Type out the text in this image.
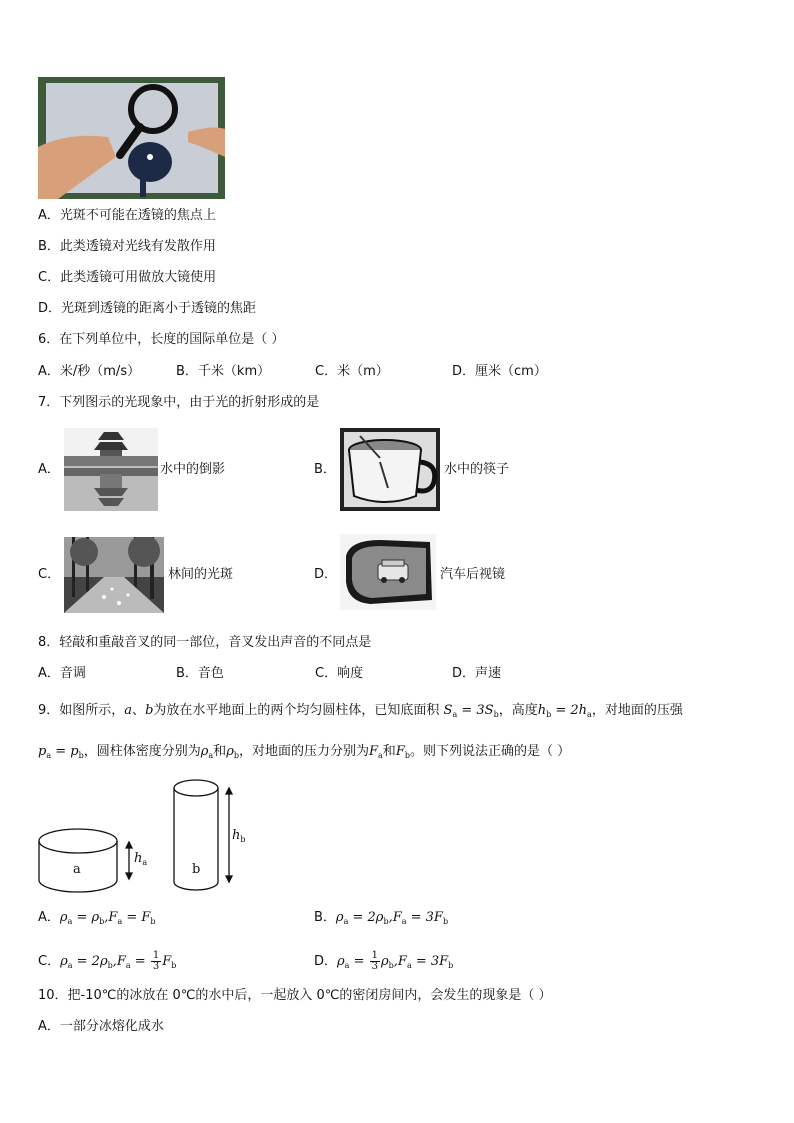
A．光斑不可能在透镜的焦点上
B．此类透镜对光线有发散作用
C．此类透镜可用做放大镜使用
D．光斑到透镜的距离小于透镜的焦距
6．在下列单位中，长度的国际单位是（ ）
A．米/秒（m/s）	B．千米（km）	C．米（m）	D．厘米（cm）
7．下列图示的光现象中，由于光的折射形成的是
A．	水中的倒影	B．	水中的筷子
C．	林间的光斑	D．	汽车后视镜
8．轻敲和重敲音叉的同一部位，音叉发出声音的不同点是
A．音调	B．音色	C．响度	D．声速
9．如图所示，a、b为放在水平地面上的两个均匀圆柱体，已知底面积 $S_a = 3S_b$，高度$h_b = 2h_a$，对地面的压强
$p_a = p_b$，圆柱体密度分别为$\rho_a$和$\rho_b$，对地面的压力分别为$F_a$和$F_b$。则下列说法正确的是（ ）
a	b
$h_a$
$h_b$
A．$\rho_a = \rho_b,F_a = F_b$	B．$\rho_a = 2\rho_b,F_a = 3F_b$
C．$\rho_a = 2\rho_b,F_a = \frac{1}{3} F_b$	D．$\rho_a = \frac{1}{3} \rho_b,F_a = 3F_b$
10．把-10℃的冰放在 0℃的水中后，一起放入 0℃的密闭房间内，会发生的现象是（ ）
A．一部分冰熔化成水
